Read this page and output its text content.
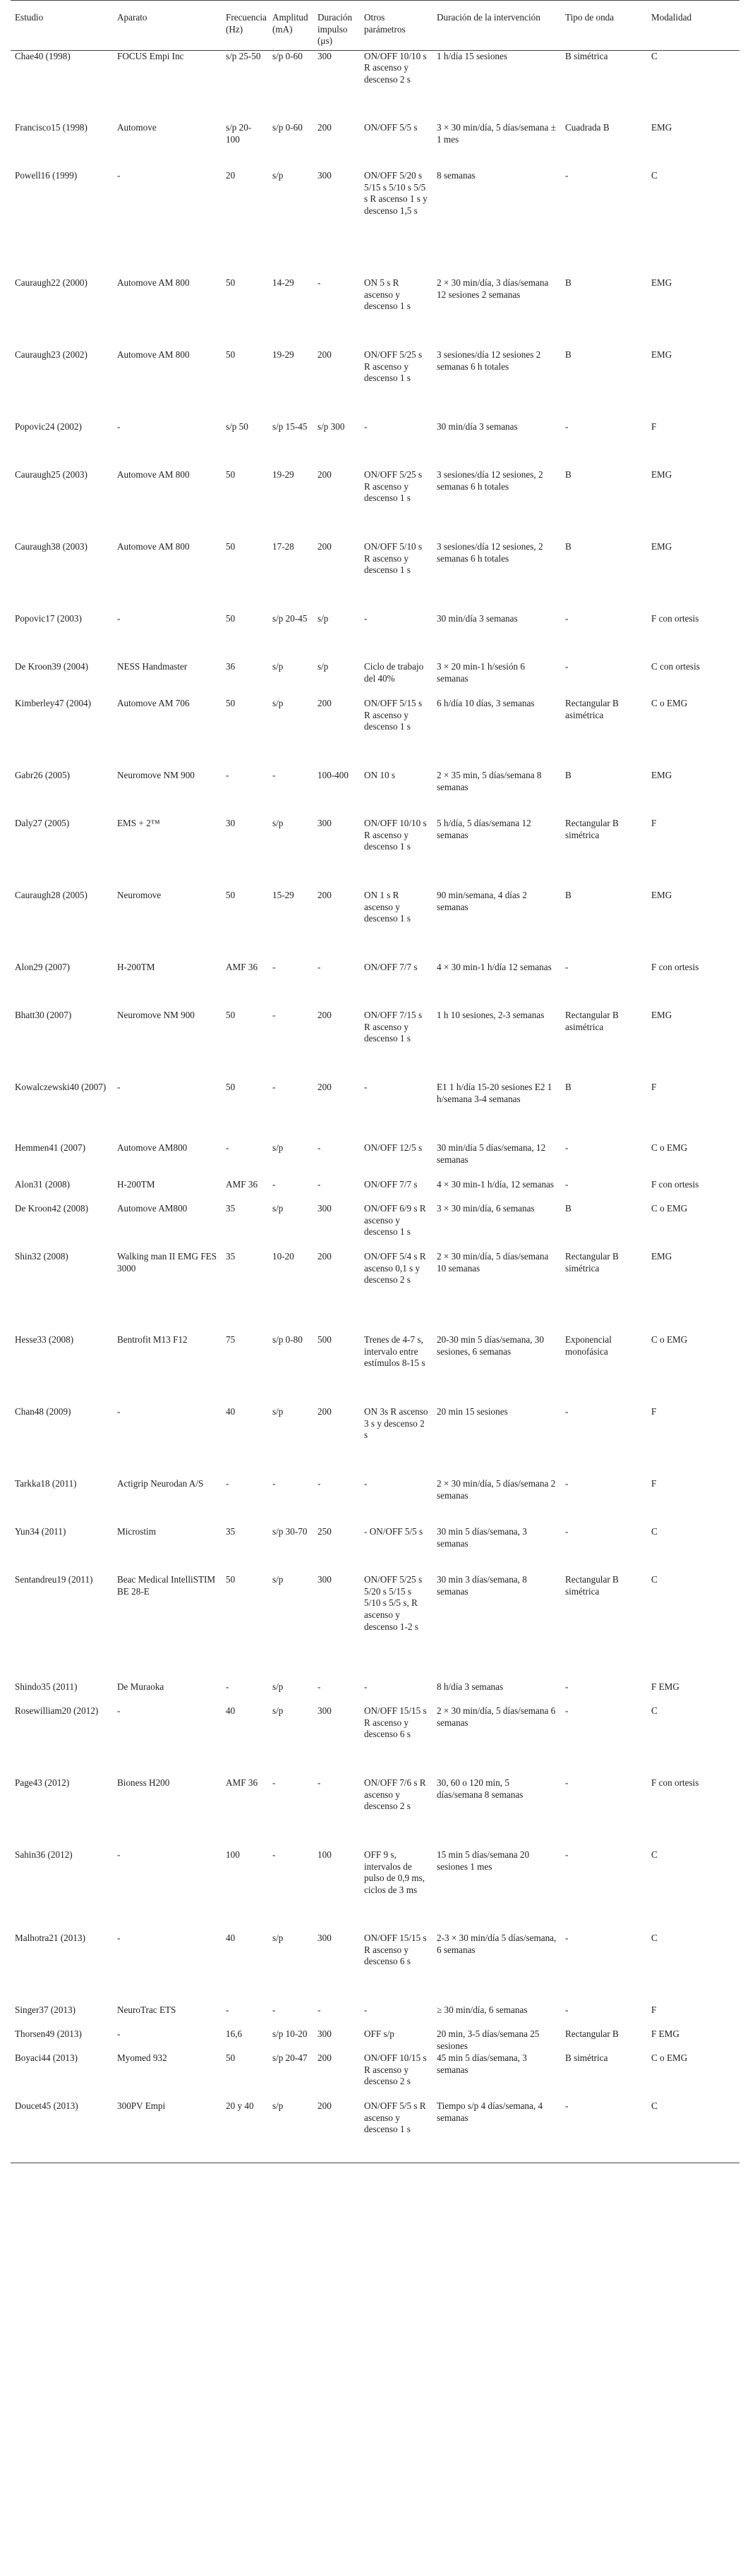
Estudio	Aparato	Frecuencia (Hz)	Amplitud (mA)	Duración impulso (μs)	Otros parámetros	Duración de la intervención	Tipo de onda	Modalidad
Chae40 (1998)	FOCUS Empi Inc	s/p 25-50	s/p 0-60	300	ON/OFF 10/10 s R ascenso y descenso 2 s	1 h/día 15 sesiones	B simétrica	C
Francisco15 (1998)	Automove	s/p 20-100	s/p 0-60	200	ON/OFF 5/5 s	3 × 30 min/día, 5 días/semana ± 1 mes	Cuadrada B	EMG
Powell16 (1999)	-	20	s/p	300	ON/OFF 5/20 s 5/15 s 5/10 s 5/5 s R ascenso 1 s y descenso 1,5 s	8 semanas	-	C
Cauraugh22 (2000)	Automove AM 800	50	14-29	-	ON 5 s R ascenso y descenso 1 s	2 × 30 min/día, 3 días/semana 12 sesiones 2 semanas	B	EMG
Cauraugh23 (2002)	Automove AM 800	50	19-29	200	ON/OFF 5/25 s R ascenso y descenso 1 s	3 sesiones/día 12 sesiones 2 semanas 6 h totales	B	EMG
Popovic24 (2002)	-	s/p 50	s/p 15-45	s/p 300	-	30 min/día 3 semanas	-	F
Cauraugh25 (2003)	Automove AM 800	50	19-29	200	ON/OFF 5/25 s R ascenso y descenso 1 s	3 sesiones/día 12 sesiones, 2 semanas 6 h totales	B	EMG
Cauraugh38 (2003)	Automove AM 800	50	17-28	200	ON/OFF 5/10 s R ascenso y descenso 1 s	3 sesiones/día 12 sesiones, 2 semanas 6 h totales	B	EMG
Popovic17 (2003)	-	50	s/p 20-45	s/p	-	30 min/día 3 semanas	-	F con ortesis
De Kroon39 (2004)	NESS Handmaster	36	s/p	s/p	Ciclo de trabajo del 40%	3 × 20 min-1 h/sesión 6 semanas	-	C con ortesis
Kimberley47 (2004)	Automove AM 706	50	s/p	200	ON/OFF 5/15 s R ascenso y descenso 1 s	6 h/día 10 días, 3 semanas	Rectangular B asimétrica	C o EMG
Gabr26 (2005)	Neuromove NM 900	-	-	100-400	ON 10 s	2 × 35 min, 5 días/semana 8 semanas	B	EMG
Daly27 (2005)	EMS + 2™	30	s/p	300	ON/OFF 10/10 s R ascenso y descenso 1 s	5 h/día, 5 días/semana 12 semanas	Rectangular B simétrica	F
Cauraugh28 (2005)	Neuromove	50	15-29	200	ON 1 s R ascenso y descenso 1 s	90 min/semana, 4 días 2 semanas	B	EMG
Alon29 (2007)	H-200TM	AMF 36	-	-	ON/OFF 7/7 s	4 × 30 min-1 h/día 12 semanas	-	F con ortesis
Bhatt30 (2007)	Neuromove NM 900	50	-	200	ON/OFF 7/15 s R ascenso y descenso 1 s	1 h 10 sesiones, 2-3 semanas	Rectangular B asimétrica	EMG
Kowalczewski40 (2007)	-	50	-	200	-	E1 1 h/día 15-20 sesiones E2 1 h/semana 3-4 semanas	B	F
Hemmen41 (2007)	Automove AM800	-	s/p	-	ON/OFF 12/5 s	30 min/día 5 días/semana, 12 semanas	-	C o EMG
Alon31 (2008)	H-200TM	AMF 36	-	-	ON/OFF 7/7 s	4 × 30 min-1 h/día, 12 semanas	-	F con ortesis
De Kroon42 (2008)	Automove AM800	35	s/p	300	ON/OFF 6/9 s R ascenso y descenso 1 s	3 × 30 min/día, 6 semanas	B	C o EMG
Shin32 (2008)	Walking man II EMG FES 3000	35	10-20	200	ON/OFF 5/4 s R ascenso 0,1 s y descenso 2 s	2 × 30 min/día, 5 días/semana 10 semanas	Rectangular B simétrica	EMG
Hesse33 (2008)	Bentrofit M13 F12	75	s/p 0-80	500	Trenes de 4-7 s, intervalo entre estímulos 8-15 s	20-30 min 5 días/semana, 30 sesiones, 6 semanas	Exponencial monofásica	C o EMG
Chan48 (2009)	-	40	s/p	200	ON 3s R ascenso 3 s y descenso 2 s	20 min 15 sesiones	-	F
Tarkka18 (2011)	Actigrip Neurodan A/S	-	-	-	-	2 × 30 min/día, 5 días/semana 2 semanas	-	F
Yun34 (2011)	Microstim	35	s/p 30-70	250	- ON/OFF 5/5 s	30 min 5 días/semana, 3 semanas	-	C
Sentandreu19 (2011)	Beac Medical IntelliSTIM BE 28-E	50	s/p	300	ON/OFF 5/25 s 5/20 s 5/15 s 5/10 s 5/5 s, R ascenso y descenso 1-2 s	30 min 3 días/semana, 8 semanas	Rectangular B simétrica	C
Shindo35 (2011)	De Muraoka	-	s/p	-	-	8 h/día 3 semanas	-	F EMG
Rosewilliam20 (2012)	-	40	s/p	300	ON/OFF 15/15 s R ascenso y descenso 6 s	2 × 30 min/día, 5 días/semana 6 semanas	-	C
Page43 (2012)	Bioness H200	AMF 36	-	-	ON/OFF 7/6 s R ascenso y descenso 2 s	30, 60 o 120 min, 5 días/semana 8 semanas	-	F con ortesis
Sahin36 (2012)	-	100	-	100	OFF 9 s, intervalos de pulso de 0,9 ms, ciclos de 3 ms	15 min 5 días/semana 20 sesiones 1 mes	-	C
Malhotra21 (2013)	-	40	s/p	300	ON/OFF 15/15 s R ascenso y descenso 6 s	2-3 × 30 min/día 5 días/semana, 6 semanas	-	C
Singer37 (2013)	NeuroTrac ETS	-	-	-	-	≥ 30 min/día, 6 semanas	-	F
Thorsen49 (2013)	-	16,6	s/p 10-20	300	OFF s/p	20 min, 3-5 días/semana 25 sesiones	Rectangular B	F EMG
Boyaci44 (2013)	Myomed 932	50	s/p 20-47	200	ON/OFF 10/15 s R ascenso y descenso 2 s	45 min 5 días/semana, 3 semanas	B simétrica	C o EMG
Doucet45 (2013)	300PV Empi	20 y 40	s/p	200	ON/OFF 5/5 s R ascenso y descenso 1 s	Tiempo s/p 4 días/semana, 4 semanas	-	C
